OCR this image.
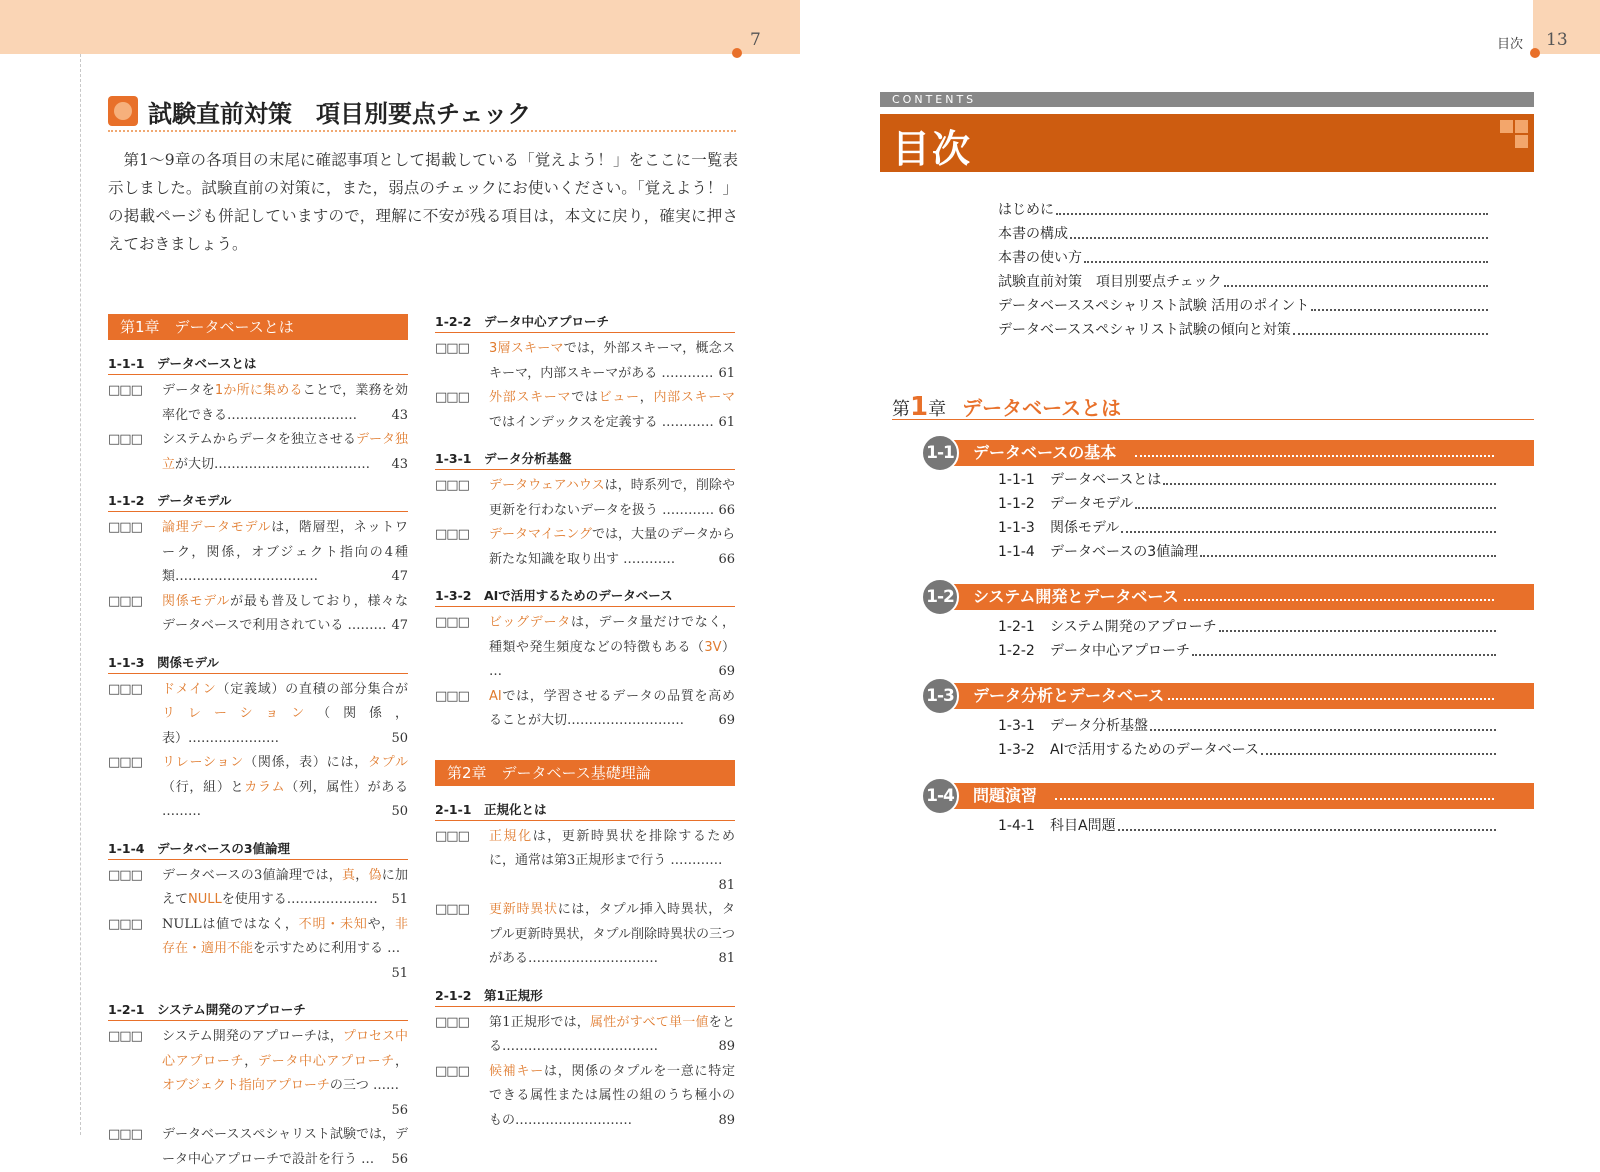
7
試験直前対策　項目別要点チェック

第1～9章の各項目の末尾に確認事項として掲載している「覚えよう！」をここに一覧表示しました。試験直前の対策に，また，弱点のチェックにお使いください。「覚えよう！」の掲載ページも併記していますので，理解に不安が残る項目は，本文に戻り，確実に押さえておきましょう。

第1章　データベースとは
1-1-1　データベースとは
□□□	データを1か所に集めることで，業務を効率化できる…………………………	43
□□□	システムからデータを独立させるデータ独立が大切……………………………… 43
1-1-2　データモデル
□□□	論理データモデルは，階層型，ネットワーク，関係，オブジェクト指向の4種類……………………………	47
□□□	関係モデルが最も普及しており，様々なデータベースで利用されている ……… 47
1-1-3　関係モデル
□□□	ドメイン（定義域）の直積の部分集合がリレーション（関係，表）…………………	50
□□□	リレーション（関係，表）には，タプル（行，組）とカラム（列，属性）がある ………	50
1-1-4　データベースの3値論理
□□□	データベースの3値論理では，真，偽に加えてNULLを使用する………………… 51
□□□	NULLは値ではなく，不明・未知や，非存在・適用不能を示すために利用する …
51
1-2-1　システム開発のアプローチ
□□□	システム開発のアプローチは，プロセス中心アプローチ，データ中心アプローチ，オブジェクト指向アプローチの三つ ……
56
□□□	データベーススペシャリスト試験では，データ中心アプローチで設計を行う … 56
1-2-2　データ中心アプローチ
□□□	3層スキーマでは，外部スキーマ，概念スキーマ，内部スキーマがある ………… 61
□□□	外部スキーマではビュー，内部スキーマではインデックスを定義する ………… 61
1-3-1　データ分析基盤
□□□	データウェアハウスは，時系列で，削除や更新を行わないデータを扱う ………… 66
□□□	データマイニングでは，大量のデータから新たな知識を取り出す …………	66
1-3-2　AIで活用するためのデータベース
□□□	ビッグデータは，データ量だけでなく，種類や発生頻度などの特徴もある（3V） …	69
□□□	AIでは，学習させるデータの品質を高めることが大切………………………	69
第2章　データベース基礎理論
2-1-1　正規化とは
□□□	正規化は，更新時異状を排除するために，通常は第3正規形まで行う …………
81
□□□	更新時異状には，タプル挿入時異状，タプル更新時異状，タプル削除時異状の三つがある…………………………	81
2-1-2　第1正規形
□□□	第1正規形では，属性がすべて単一値をとる………………………………	89
□□□	候補キーは，関係のタプルを一意に特定できる属性または属性の組のうち極小のもの………………………	89
目次 13
CONTENTS
目次
はじめに
本書の構成
本書の使い方
試験直前対策　項目別要点チェック
データベーススペシャリスト試験 活用のポイント
データベーススペシャリスト試験の傾向と対策
第1章 データベースとは
1-1	データベースの基本
1-1-1	データベースとは
1-1-2	データモデル
1-1-3	関係モデル
1-1-4	データベースの3値論理
1-2	システム開発とデータベース
1-2-1	システム開発のアプローチ
1-2-2	データ中心アプローチ
1-3	データ分析とデータベース
1-3-1	データ分析基盤
1-3-2	AIで活用するためのデータベース
1-4	問題演習
1-4-1	科目A問題
